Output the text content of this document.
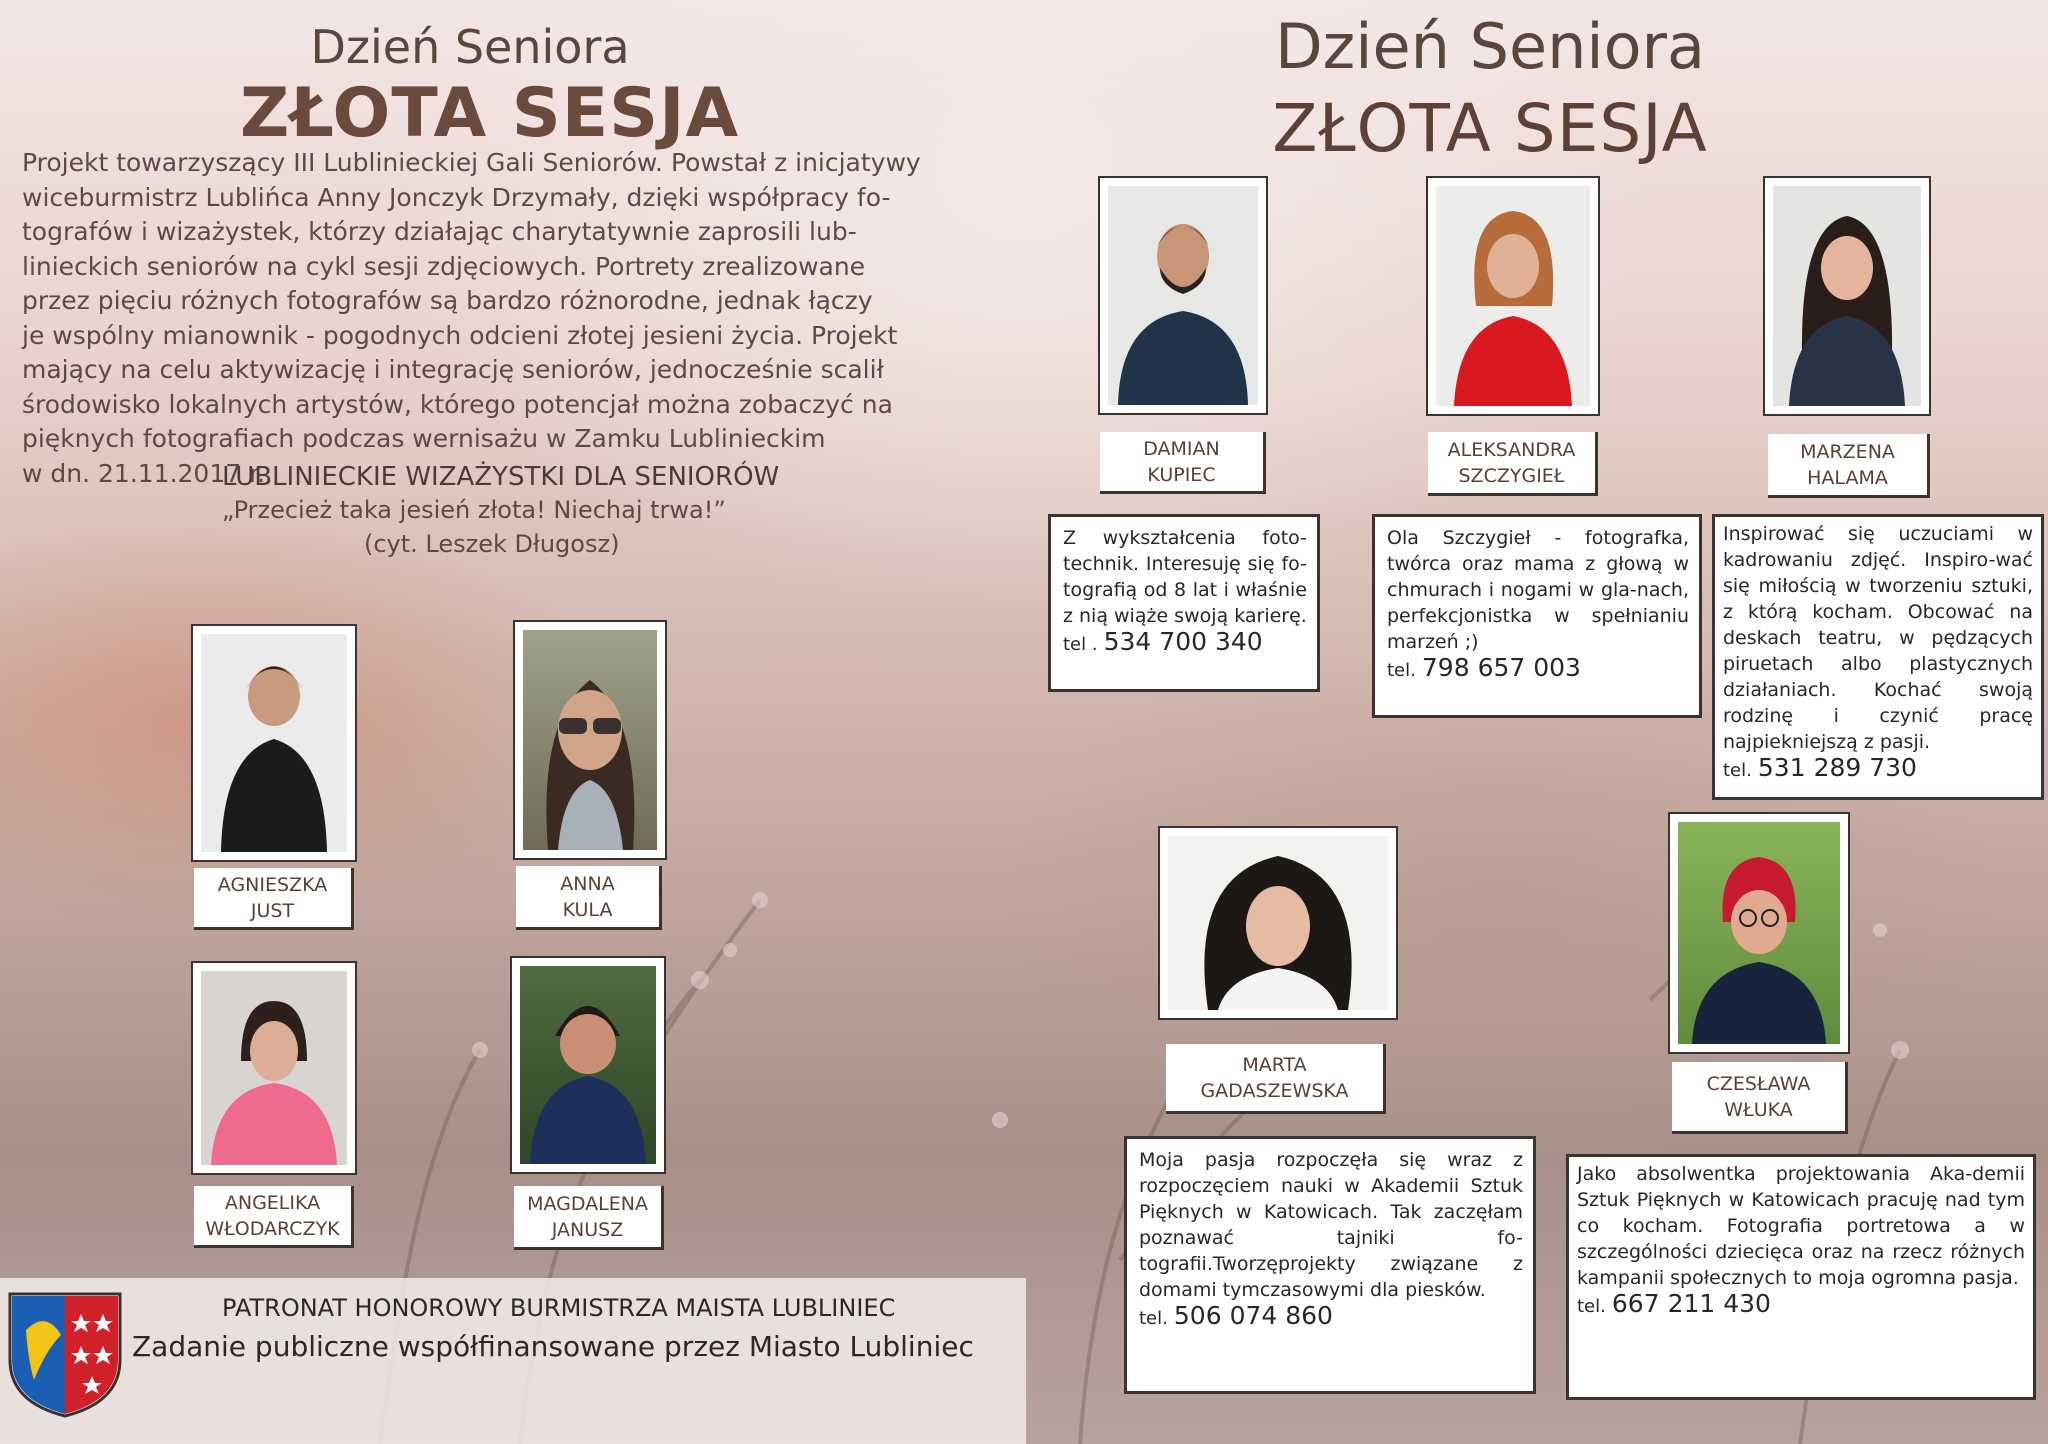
Dzień Seniora
ZŁOTA SESJA
Projekt towarzyszący III Lublinieckiej Gali Seniorów. Powstał z inicjatywy
wiceburmistrz Lublińca Anny Jonczyk Drzymały, dzięki współpracy fo-
tografów i wizażystek, którzy działając charytatywnie zaprosili lub-
linieckich seniorów na cykl sesji zdjęciowych. Portrety zrealizowane
przez pięciu różnych fotografów są bardzo różnorodne, jednak łączy
je wspólny mianownik - pogodnych odcieni złotej jesieni życia. Projekt
mający na celu aktywizację i integrację seniorów, jednocześnie scalił
środowisko lokalnych artystów, którego potencjał można zobaczyć na
pięknych fotografiach podczas wernisażu w Zamku Lublinieckim
w dn. 21.11.2017 r.
LUBLINIECKIE WIZAŻYSTKI DLA SENIORÓW
„Przecież taka jesień złota! Niechaj trwa!”
(cyt. Leszek Długosz)
AGNIESZKA
JUST
ANNA
KULA
ANGELIKA
WŁODARCZYK
MAGDALENA
JANUSZ
PATRONAT HONOROWY BURMISTRZA MAISTA LUBLINIEC
Zadanie publiczne współfinansowane przez Miasto Lubliniec
Dzień Seniora
ZŁOTA SESJA
DAMIAN
KUPIEC
ALEKSANDRA
SZCZYGIEŁ
MARZENA
HALAMA
MARTA
GADASZEWSKA	CZESŁAWA
WŁUKA
Z wykształcenia foto-technik. Interesuję się fo-tografią od 8 lat i właśnie z nią wiąże swoją karierę.
tel . 534 700 340
Ola Szczygieł - fotografka, twórca oraz mama z głową w chmurach i nogami w gla-nach, perfekcjonistka w spełnianiu marzeń ;)
tel. 798 657 003
Inspirować się uczuciami w kadrowaniu zdjęć. Inspiro-wać się miłością w tworzeniu sztuki, z którą kocham. Obcować na deskach teatru, w pędzących piruetach albo plastycznych działaniach. Kochać swoją rodzinę i czynić pracę najpiekniejszą z pasji.
tel. 531 289 730
Moja pasja rozpoczęła się wraz z rozpoczęciem nauki w Akademii Sztuk Pięknych w Katowicach. Tak zaczęłam poznawać tajniki fo-tografii.Tworzęprojekty związane z domami tymczasowymi dla piesków.
tel. 506 074 860
Jako absolwentka projektowania Aka-demii Sztuk Pięknych w Katowicach pracuję nad tym co kocham. Fotografia portretowa a w szczególności dziecięca oraz na rzecz różnych kampanii społecznych to moja ogromna pasja.
tel. 667 211 430
